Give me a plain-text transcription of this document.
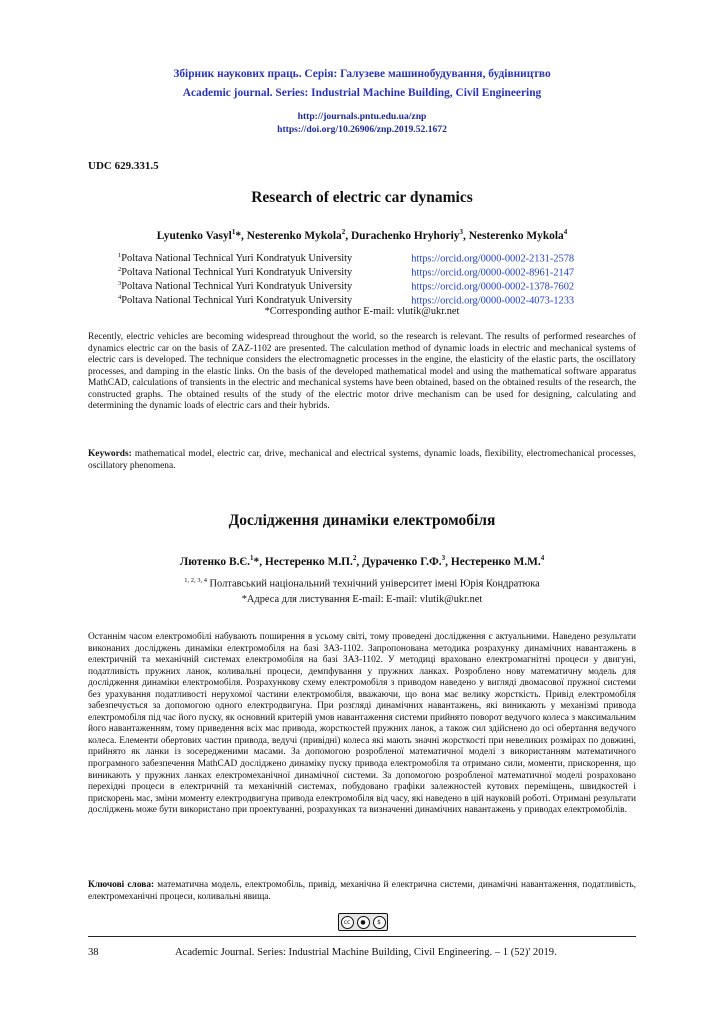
Збірник наукових праць. Серія: Галузеве машинобудування, будівництво
Academic journal. Series: Industrial Machine Building, Civil Engineering
http://journals.pntu.edu.ua/znp
https://doi.org/10.26906/znp.2019.52.1672
UDC 629.331.5
Research of electric car dynamics
Lyutenko Vasyl$^1$*, Nesterenko Mykola$^2$, Durachenko Hryhoriy$^3$, Nesterenko Mykola$^4$
$^1$Poltava National Technical Yuri Kondratyuk University	https://orcid.org/0000-0002-2131-2578
$^2$Poltava National Technical Yuri Kondratyuk University	https://orcid.org/0000-0002-8961-2147
$^3$Poltava National Technical Yuri Kondratyuk University	https://orcid.org/0000-0002-1378-7602
$^4$Poltava National Technical Yuri Kondratyuk University	https://orcid.org/0000-0002-4073-1233
*Corresponding author E-mail: vlutik@ukr.net
Recently, electric vehicles are becoming widespread throughout the world, so the research is relevant. The results of performed researches of dynamics electric car on the basis of ZAZ-1102 are presented. The calculation method of dynamic loads in electric and mechanical systems of electric cars is developed. The technique considers the electromagnetic processes in the engine, the elasticity of the elastic parts, the oscillatory processes, and damping in the elastic links. On the basis of the developed mathematical model and using the mathematical software apparatus MathCAD, calculations of transients in the electric and mechanical systems have been obtained, based on the obtained results of the research, the constructed graphs. The obtained results of the study of the electric motor drive mechanism can be used for designing, calculating and determining the dynamic loads of electric cars and their hybrids.
Keywords: mathematical model, electric car, drive, mechanical and electrical systems, dynamic loads, flexibility, electromechanical processes, oscillatory phenomena.
Дослідження динаміки електромобіля
Лютенко В.Є.$^1$*, Нестеренко М.П.$^2$, Дураченко Г.Ф.$^3$, Нестеренко М.М.$^4$
$^{1, 2, 3, 4}$ Полтавський національний технічний університет імені Юрія Кондратюка
*Адреса для листування E-mail: E-mail: vlutik@ukr.net
Останнім часом електромобілі набувають поширення в усьому світі, тому проведені дослідження є актуальними. Наведено результати виконаних досліджень динаміки електромобіля на базі ЗАЗ-1102. Запропонована методика розрахунку динамічних навантажень в електричній та механічній системах електромобіля на базі ЗАЗ-1102. У методиці враховано електромагнітні процеси у двигуні, податливість пружних ланок, коливальні процеси, демпфування у пружних ланках. Розроблено нову математичну модель для дослідження динаміки електромобіля. Розрахункову схему електромобіля з приводом наведено у вигляді двомасової пружної системи без урахування податливості нерухомої частини електромобіля, вважаючи, що вона має велику жорсткість. Привід електромобіля забезпечується за допомогою одного електродвигуна. При розгляді динамічних навантажень, які виникають у механізмі привода електромобіля під час його пуску, як основний критерій умов навантаження системи прийнято поворот ведучого колеса з максимальним його навантаженням, тому приведення всіх мас привода, жорсткостей пружних ланок, а також сил здійснено до осі обертання ведучого колеса. Елементи обертових частин привода, ведучі (привідні) колеса які мають значні жорсткості при невеликих розмірах по довжині, прийнято як ланки із зосередженими масами. За допомогою розробленої математичної моделі з використанням математичного програмного забезпечення MathCAD досліджено динаміку пуску привода електромобіля та отримано сили, моменти, прискорення, що виникають у пружних ланках електромеханічної динамічної системи. За допомогою розробленої математичної моделі розраховано перехідні процеси в електричній та механічній системах, побудовано графіки залежностей кутових переміщень, швидкостей і прискорень мас, зміни моменту електродвигуна привода електромобіля від часу, які наведено в цій науковій роботі. Отримані результати досліджень може бути використано при проектуванні, розрахунках та визначенні динамічних навантажень у приводах електромобілів.
Ключові слова: математична модель, електромобіль, привід, механічна й електрична системи, динамічні навантаження, податливість, електромеханічні процеси, коливальні явища.
cc	●	$
38	Academic Journal. Series: Industrial Machine Building, Civil Engineering. – 1 (52)' 2019.
